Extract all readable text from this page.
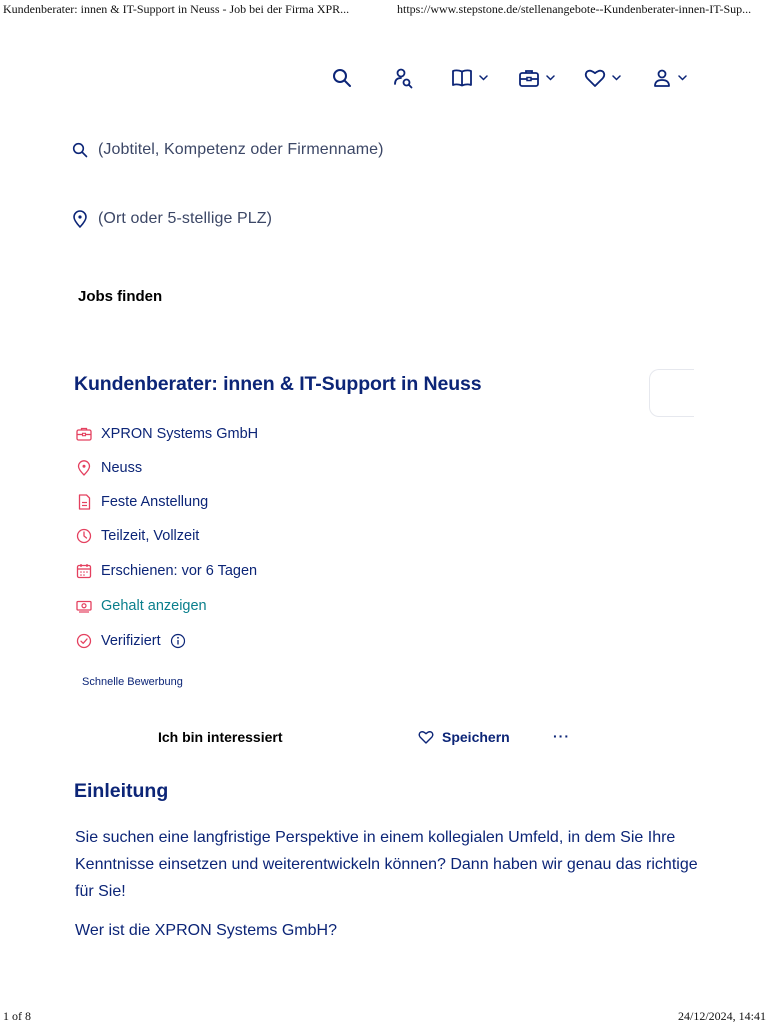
Kundenberater: innen & IT-Support in Neuss - Job bei der Firma XPR...	https://www.stepstone.de/stellenangebote--Kundenberater-innen-IT-Sup...
(Jobtitel, Kompetenz oder Firmenname)
(Ort oder 5-stellige PLZ)
Jobs finden
Kundenberater: innen & IT-Support in Neuss
XPRON Systems GmbH
Neuss
Feste Anstellung
Teilzeit, Vollzeit
Erschienen: vor 6 Tagen
Gehalt anzeigen
Verifiziert
Schnelle Bewerbung
Ich bin interessiert	Speichern	···
Einleitung

Sie suchen eine langfristige Perspektive in einem kollegialen Umfeld, in dem Sie Ihre Kenntnisse einsetzen und weiterentwickeln können? Dann haben wir genau das richtige für Sie!

Wer ist die XPRON Systems GmbH?

1 of 8	24/12/2024, 14:41
